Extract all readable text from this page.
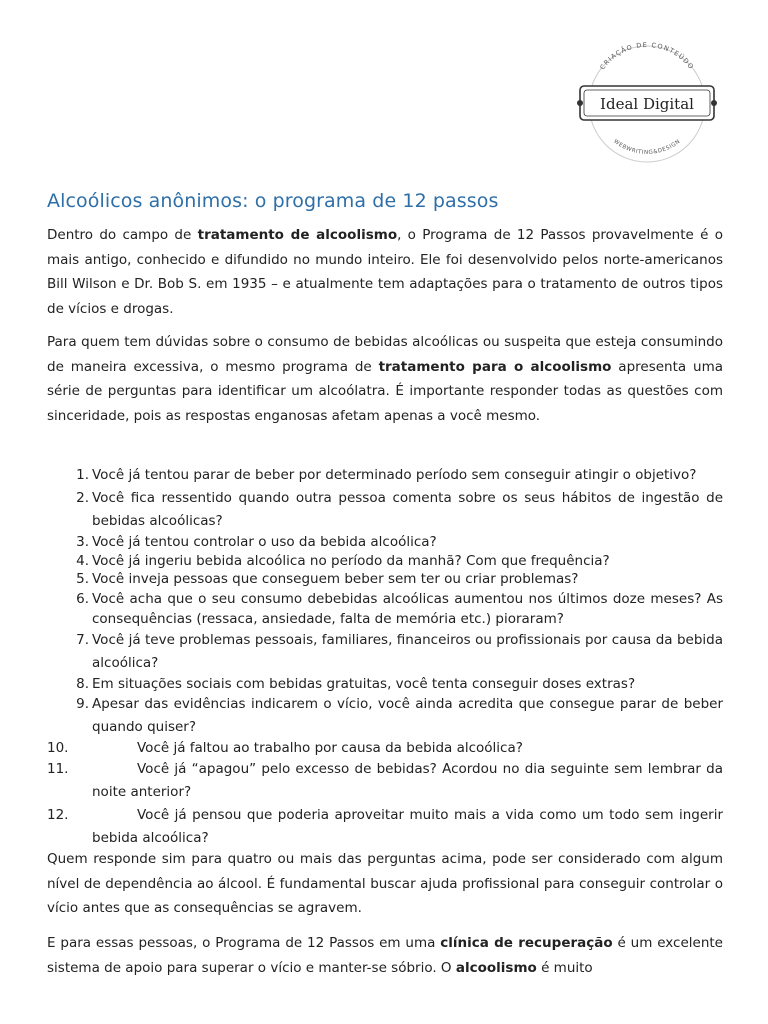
CRIAÇÃO DE CONTEÚDO
WEBWRITING&DESIGN
Ideal Digital
Alcoólicos anônimos: o programa de 12 passos

Dentro do campo de tratamento de alcoolismo, o Programa de 12 Passos provavelmente é o mais antigo, conhecido e difundido no mundo inteiro. Ele foi desenvolvido pelos norte-americanos Bill Wilson e Dr. Bob S. em 1935 – e atualmente tem adaptações para o tratamento de outros tipos de vícios e drogas.

Para quem tem dúvidas sobre o consumo de bebidas alcoólicas ou suspeita que esteja consumindo de maneira excessiva, o mesmo programa de tratamento para o alcoolismo apresenta uma série de perguntas para identificar um alcoólatra. É importante responder todas as questões com sinceridade, pois as respostas enganosas afetam apenas a você mesmo.

1. Você já tentou parar de beber por determinado período sem conseguir atingir o objetivo?
2. Você fica ressentido quando outra pessoa comenta sobre os seus hábitos de ingestão de bebidas alcoólicas?
3. Você já tentou controlar o uso da bebida alcoólica?
4. Você já ingeriu bebida alcoólica no período da manhã? Com que frequência?
5. Você inveja pessoas que conseguem beber sem ter ou criar problemas?
6. Você acha que o seu consumo debebidas alcoólicas aumentou nos últimos doze meses? As consequências (ressaca, ansiedade, falta de memória etc.) pioraram?
7. Você já teve problemas pessoais, familiares, financeiros ou profissionais por causa da bebida alcoólica?
8. Em situações sociais com bebidas gratuitas, você tenta conseguir doses extras?
9. Apesar das evidências indicarem o vício, você ainda acredita que consegue parar de beber quando quiser?
10.	Você já faltou ao trabalho por causa da bebida alcoólica?
11.	Você já “apagou” pelo excesso de bebidas? Acordou no dia seguinte sem lembrar da noite anterior?
12.	Você já pensou que poderia aproveitar muito mais a vida como um todo sem ingerir bebida alcoólica?

Quem responde sim para quatro ou mais das perguntas acima, pode ser considerado com algum nível de dependência ao álcool. É fundamental buscar ajuda profissional para conseguir controlar o vício antes que as consequências se agravem.

E para essas pessoas, o Programa de 12 Passos em uma clínica de recuperação é um excelente sistema de apoio para superar o vício e manter-se sóbrio. O alcoolismo é muito
